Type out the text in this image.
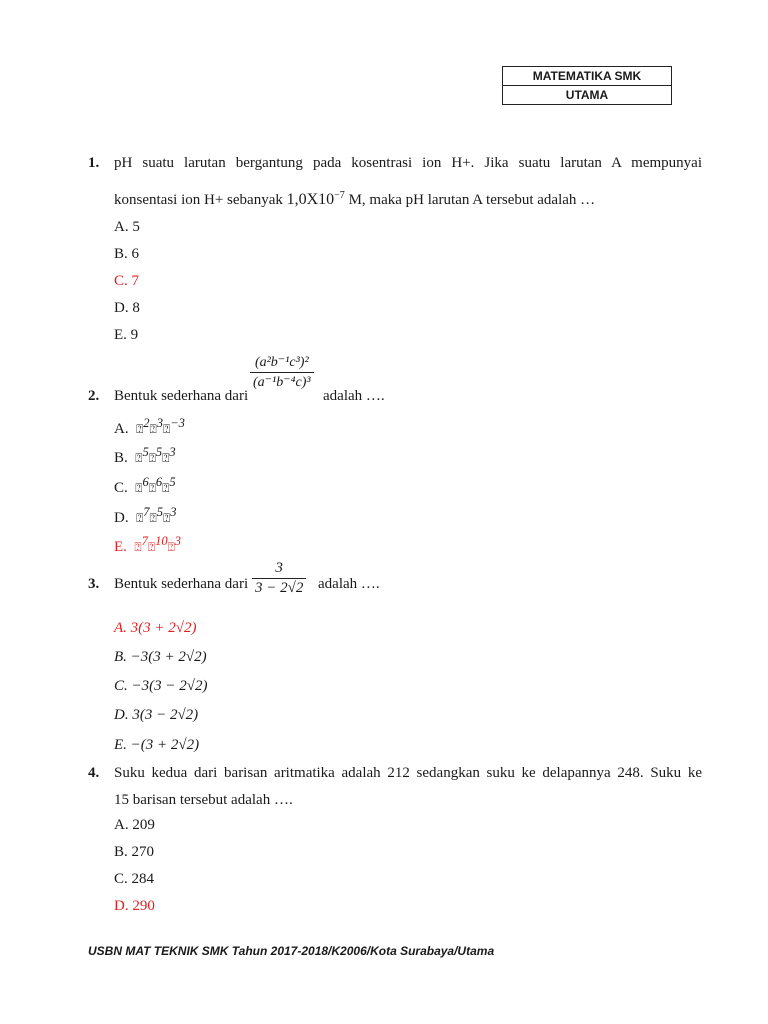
MATEMATIKA SMK
UTAMA
1. pH suatu larutan bergantung pada kosentrasi ion H+. Jika suatu larutan A mempunyai
konsentasi ion H+ sebanyak $1,0X10^{-7}$ M, maka pH larutan A tersebut adalah …
A. 5
B. 6
C. 7
D. 8
E. 9
2. Bentuk sederhana dari
$\frac{\text{(a²b⁻¹c³)²}}{\text{(a⁻¹b⁻⁴c)³}}$
adalah ….
A. ⍰$^2$⍰$^3$⍰$^{-3}$
B. ⍰$^5$⍰$^5$⍰$^3$
C. ⍰$^6$⍰$^6$⍰$^5$
D. ⍰$^7$⍰$^5$⍰$^3$
E. ⍰$^7$⍰$^{10}$⍰$^3$
3. Bentuk sederhana dari $\frac{3}{3 - 2√2}$ adalah ….
A. 3(3 + 2√2)
B. −3(3 + 2√2)
C. −3(3 − 2√2)
D. 3(3 − 2√2)
E. −(3 + 2√2)
4. Suku kedua dari barisan aritmatika adalah 212 sedangkan suku ke delapannya 248. Suku ke
15 barisan tersebut adalah ….
A. 209
B. 270
C. 284
D. 290
USBN MAT TEKNIK SMK Tahun 2017-2018/K2006/Kota Surabaya/Utama
